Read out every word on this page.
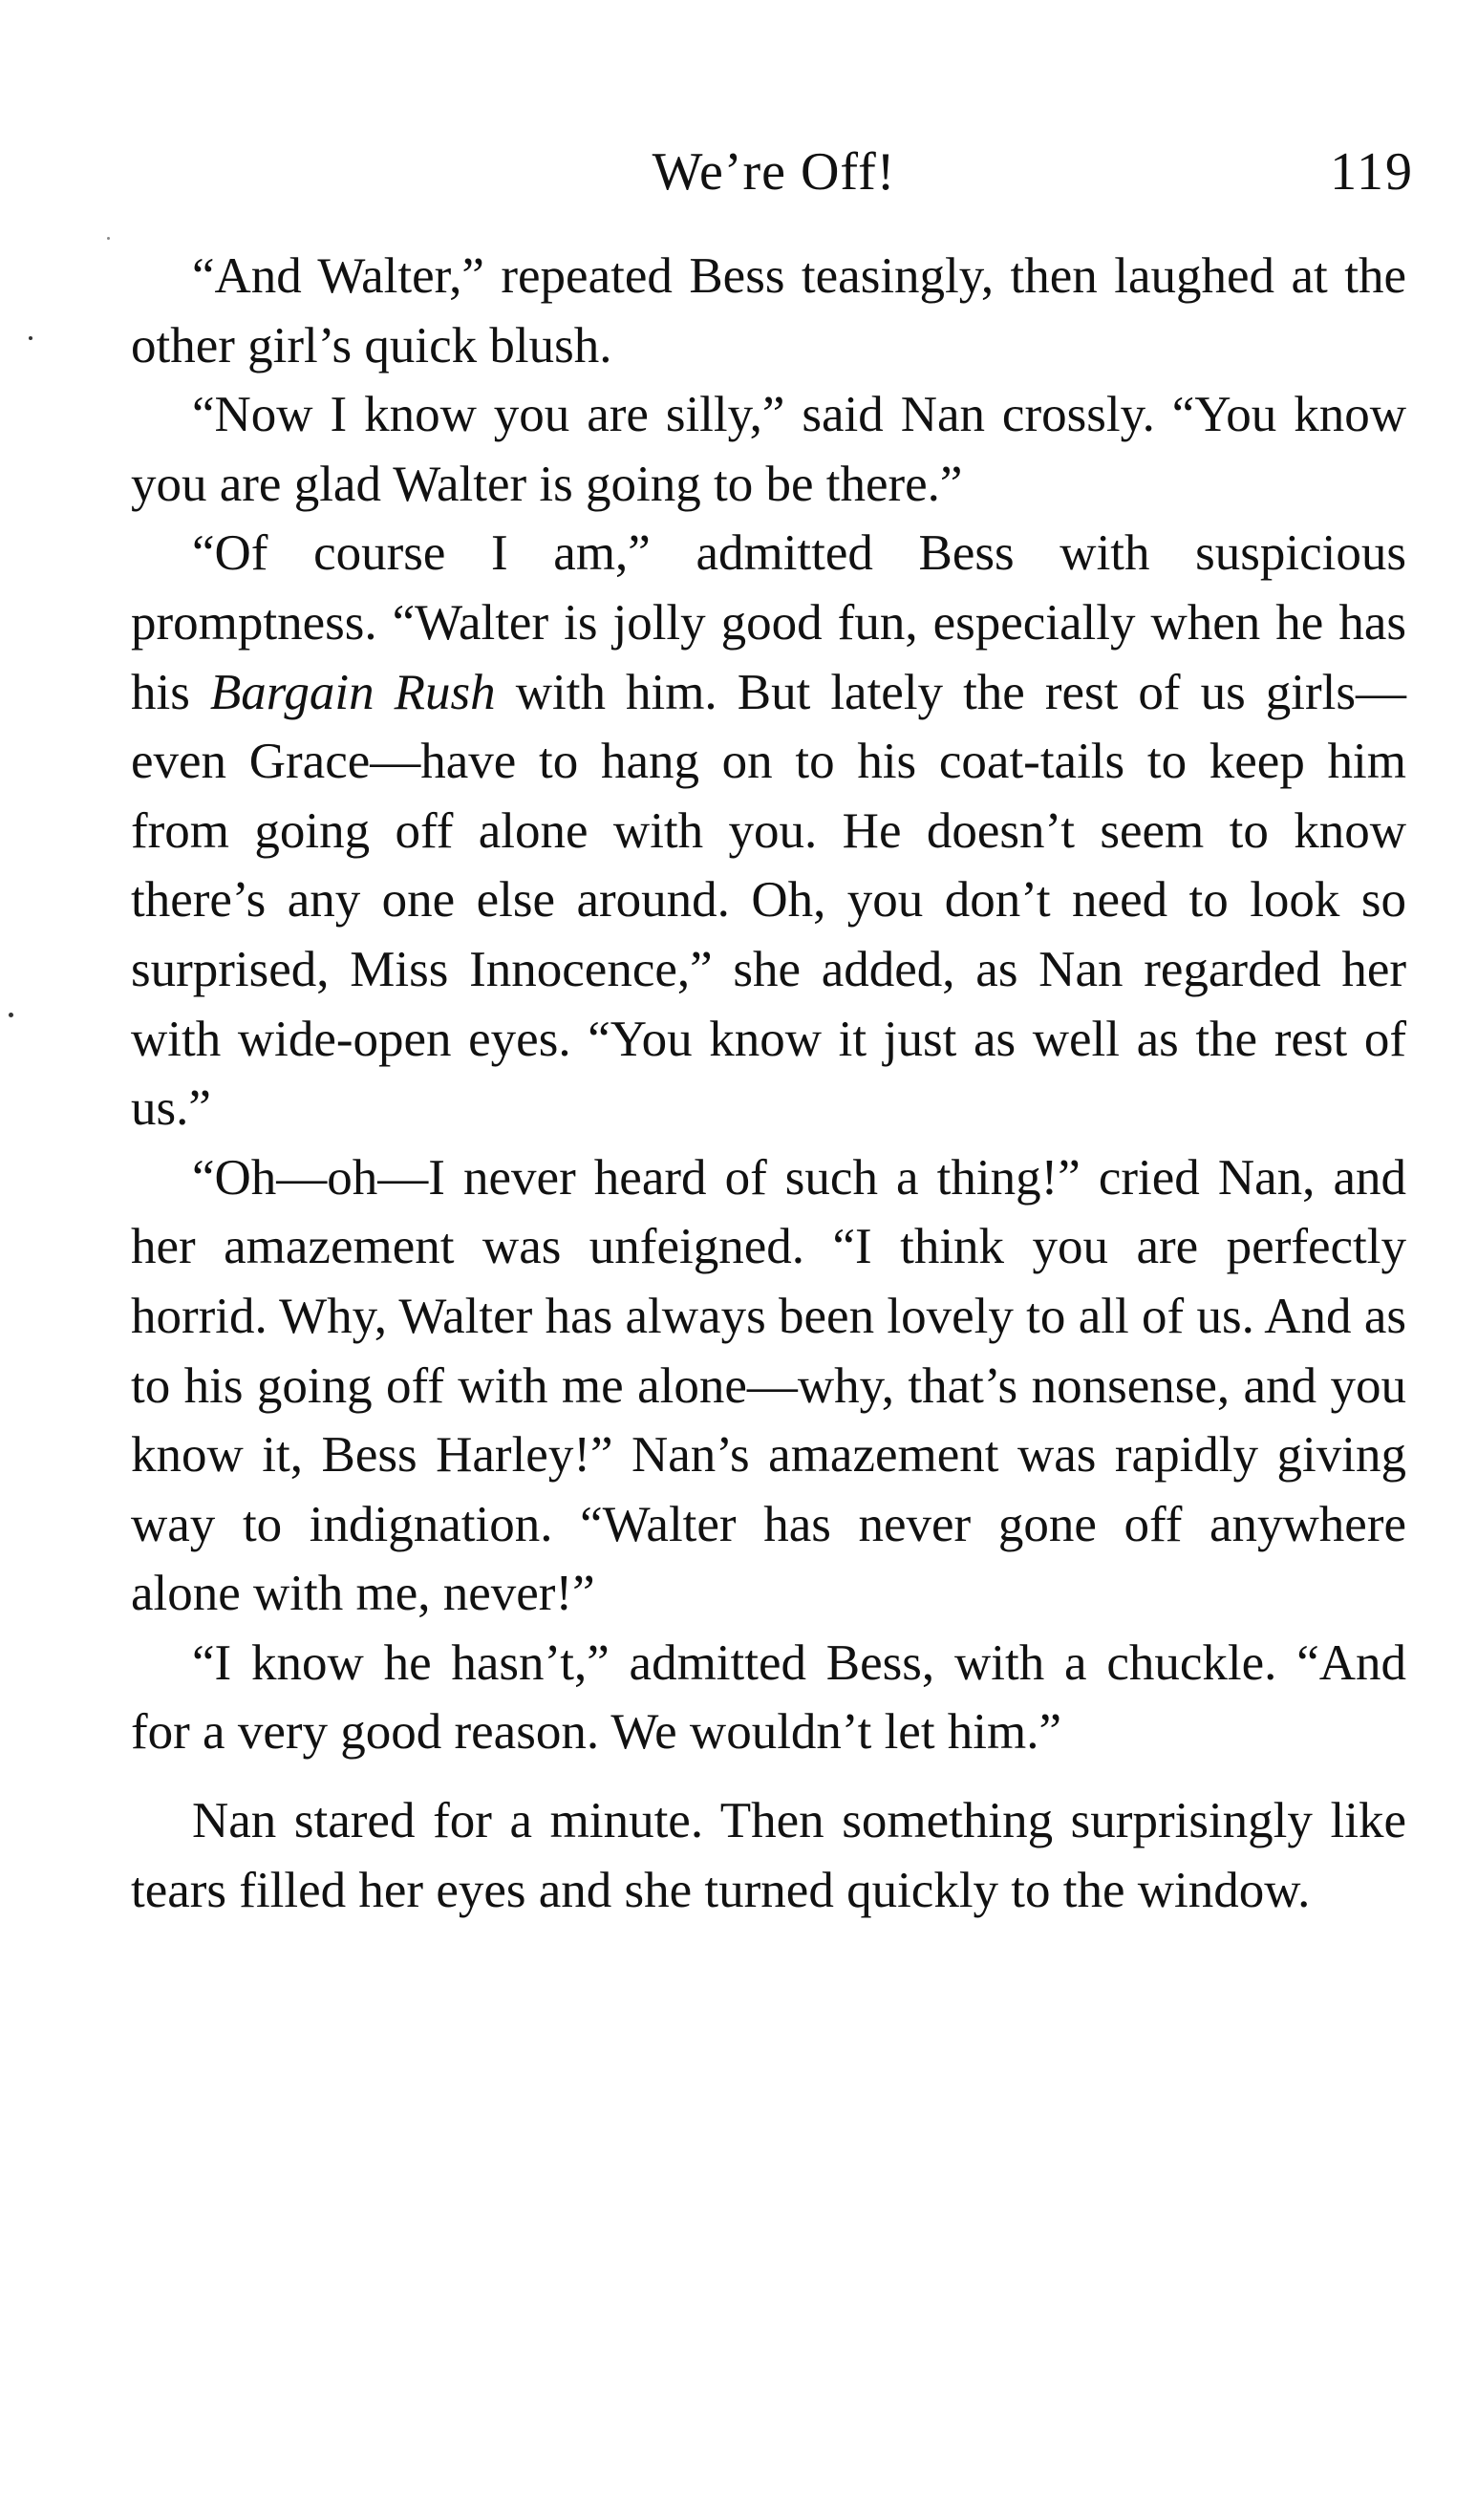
We’re Off!	119

“And Walter,” repeated Bess teasingly, then laughed at the other girl’s quick blush.

“Now I know you are silly,” said Nan crossly. “You know you are glad Walter is going to be there.”

“Of course I am,” admitted Bess with suspicious promptness. “Walter is jolly good fun, especially when he has his Bargain Rush with him. But lately the rest of us girls—even Grace—have to hang on to his coat-tails to keep him from going off alone with you. He doesn’t seem to know there’s any one else around. Oh, you don’t need to look so surprised, Miss Innocence,” she added, as Nan regarded her with wide-open eyes. “You know it just as well as the rest of us.”

“Oh—oh—I never heard of such a thing!” cried Nan, and her amazement was unfeigned. “I think you are perfectly horrid. Why, Walter has always been lovely to all of us. And as to his going off with me alone—why, that’s nonsense, and you know it, Bess Harley!” Nan’s amazement was rapidly giving way to indignation. “Walter has never gone off anywhere alone with me, never!”

“I know he hasn’t,” admitted Bess, with a chuckle. “And for a very good reason. We wouldn’t let him.”

Nan stared for a minute. Then something surprisingly like tears filled her eyes and she turned quickly to the window.
